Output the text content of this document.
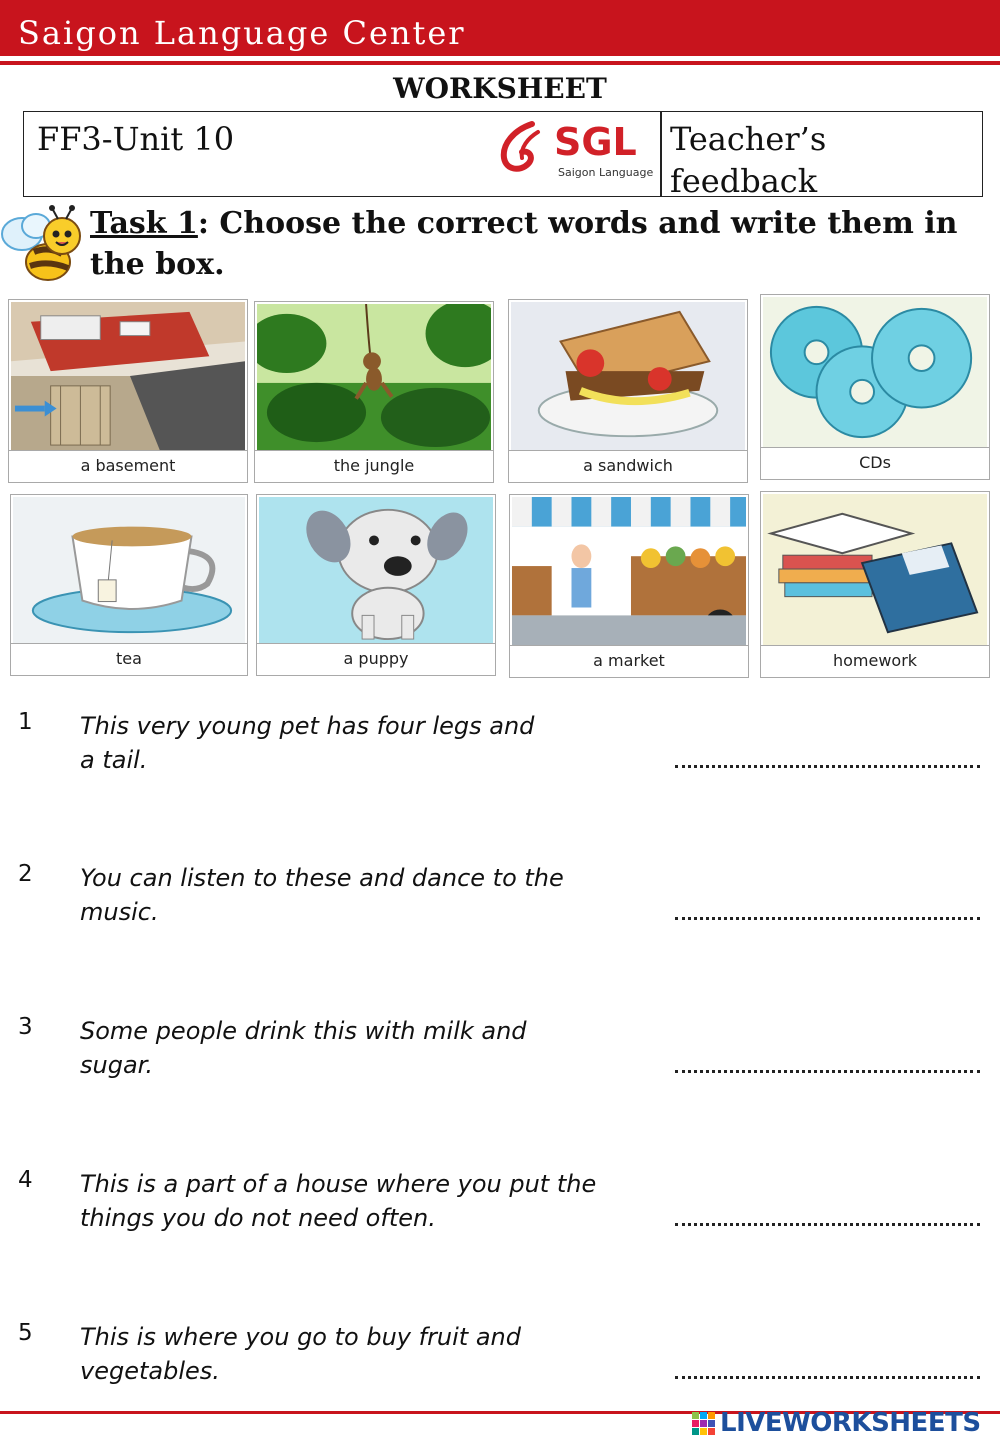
Saigon Language Center
WORKSHEET
FF3-Unit 10	SGL
Saigon Language
Teacher’s feedback
Task 1: Choose the correct words and write them in the box.
a basement	the jungle	a sandwich	CDs
tea	a puppy	a market	homework
1 This very young pet has four legs and a tail.
2 You can listen to these and dance to the music.
3 Some people drink this with milk and sugar.
4 This is a part of a house where you put the things you do not need often.
5 This is where you go to buy fruit and vegetables.
LIVEWORKSHEETS
